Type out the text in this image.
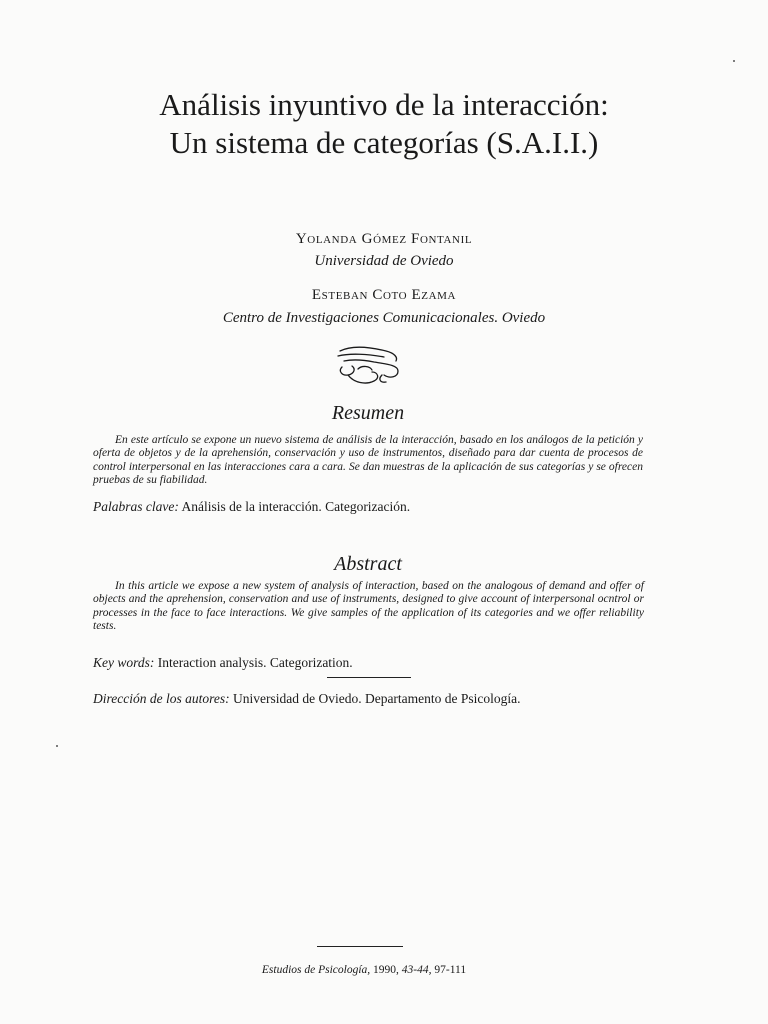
Análisis inyuntivo de la interacción:
Un sistema de categorías (S.A.I.I.)
Yolanda Gómez Fontanil
Universidad de Oviedo
Esteban Coto Ezama
Centro de Investigaciones Comunicacionales. Oviedo
Resumen

En este artículo se expone un nuevo sistema de análisis de la interacción, basado en los análogos de la petición y oferta de objetos y de la aprehensión, conservación y uso de instrumentos, diseñado para dar cuenta de procesos de control interpersonal en las interacciones cara a cara. Se dan muestras de la aplicación de sus categorías y se ofrecen pruebas de su fiabilidad.

Palabras clave: Análisis de la interacción. Categorización.

Abstract

In this article we expose a new system of analysis of interaction, based on the analogous of demand and offer of objects and the aprehension, conservation and use of instruments, designed to give account of interpersonal ocntrol or processes in the face to face interactions. We give samples of the application of its categories and we offer reliability tests.

Key words: Interaction analysis. Categorization.

Dirección de los autores: Universidad de Oviedo. Departamento de Psicología.

Estudios de Psicología, 1990, 43-44, 97-111
